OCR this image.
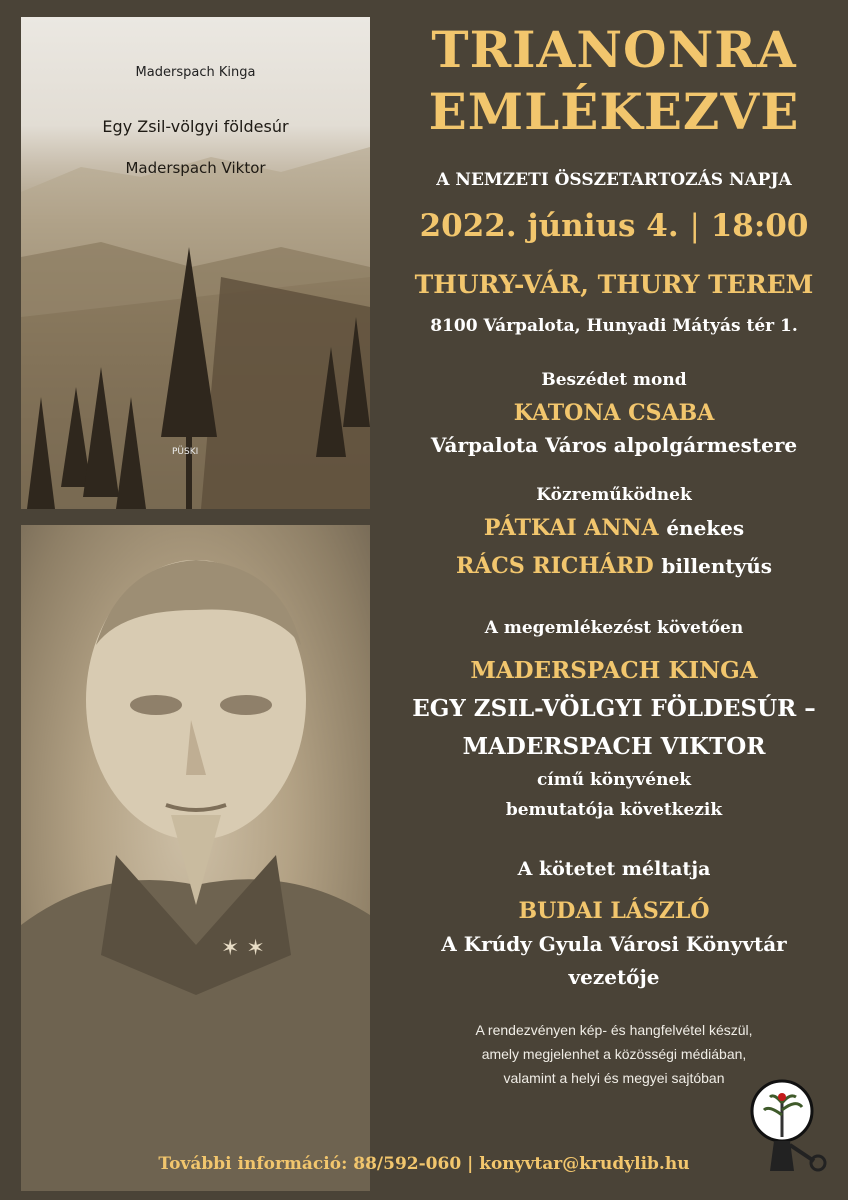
Maderspach Kinga
Egy Zsil-völgyi földesúr
Maderspach Viktor
PÜSKI
✶ ✶
TRIANONRA
EMLÉKEZVE
A NEMZETI ÖSSZETARTOZÁS NAPJA
2022. június 4. | 18:00
THURY-VÁR, THURY TEREM
8100 Várpalota, Hunyadi Mátyás tér 1.
Beszédet mond
KATONA CSABA
Várpalota Város alpolgármestere
Közreműködnek
PÁTKAI ANNA énekes
RÁCS RICHÁRD billentyűs
A megemlékezést követően
MADERSPACH KINGA
EGY ZSIL-VÖLGYI FÖLDESÚR –
MADERSPACH VIKTOR
című könyvének
bemutatója következik
A kötetet méltatja
BUDAI LÁSZLÓ
A Krúdy Gyula Városi Könyvtár
vezetője
A rendezvényen kép- és hangfelvétel készül,
amely megjelenhet a közösségi médiában,
valamint a helyi és megyei sajtóban
További információ: 88/592-060 | konyvtar@krudylib.hu
